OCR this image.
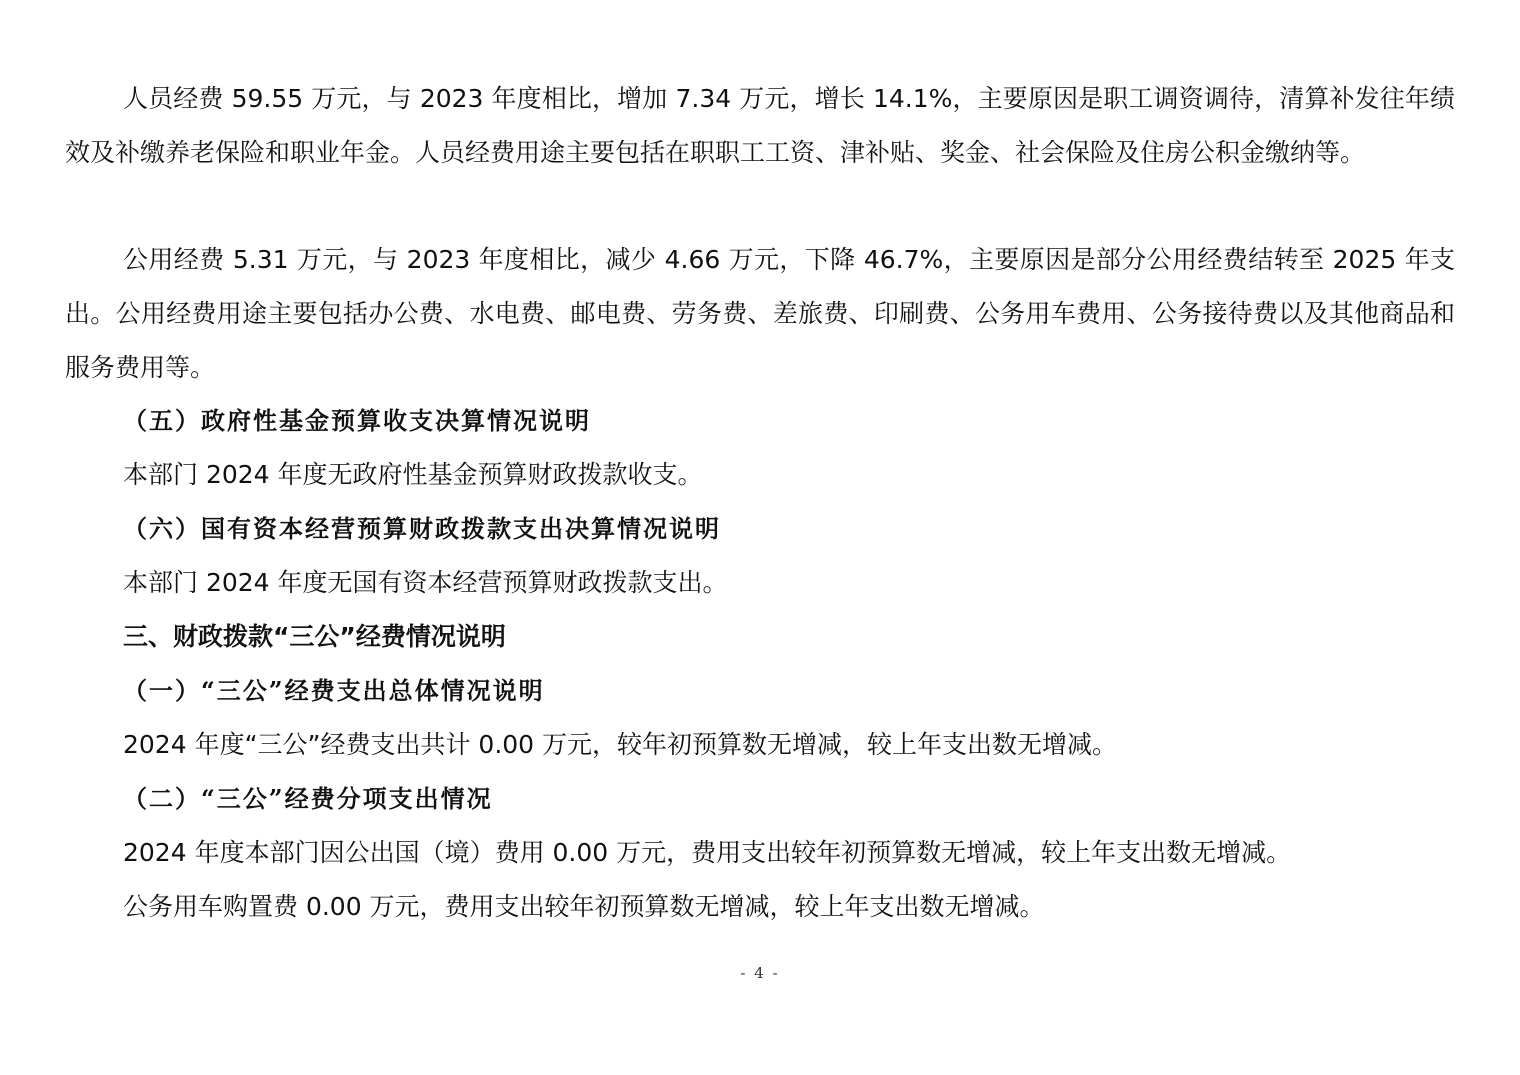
人员经费 59.55 万元，与 2023 年度相比，增加 7.34 万元，增长 14.1%，主要原因是职工调资调待，清算补发往年绩效及补缴养老保险和职业年金。人员经费用途主要包括在职职工工资、津补贴、奖金、社会保险及住房公积金缴纳等。

公用经费 5.31 万元，与 2023 年度相比，减少 4.66 万元，下降 46.7%，主要原因是部分公用经费结转至 2025 年支出。公用经费用途主要包括办公费、水电费、邮电费、劳务费、差旅费、印刷费、公务用车费用、公务接待费以及其他商品和服务费用等。

（五）政府性基金预算收支决算情况说明

本部门 2024 年度无政府性基金预算财政拨款收支。

（六）国有资本经营预算财政拨款支出决算情况说明

本部门 2024 年度无国有资本经营预算财政拨款支出。

三、财政拨款“三公”经费情况说明

（一）“三公”经费支出总体情况说明

2024 年度“三公”经费支出共计 0.00 万元，较年初预算数无增减，较上年支出数无增减。

（二）“三公”经费分项支出情况

2024 年度本部门因公出国（境）费用 0.00 万元，费用支出较年初预算数无增减，较上年支出数无增减。

公务用车购置费 0.00 万元，费用支出较年初预算数无增减，较上年支出数无增减。

- 4 -
